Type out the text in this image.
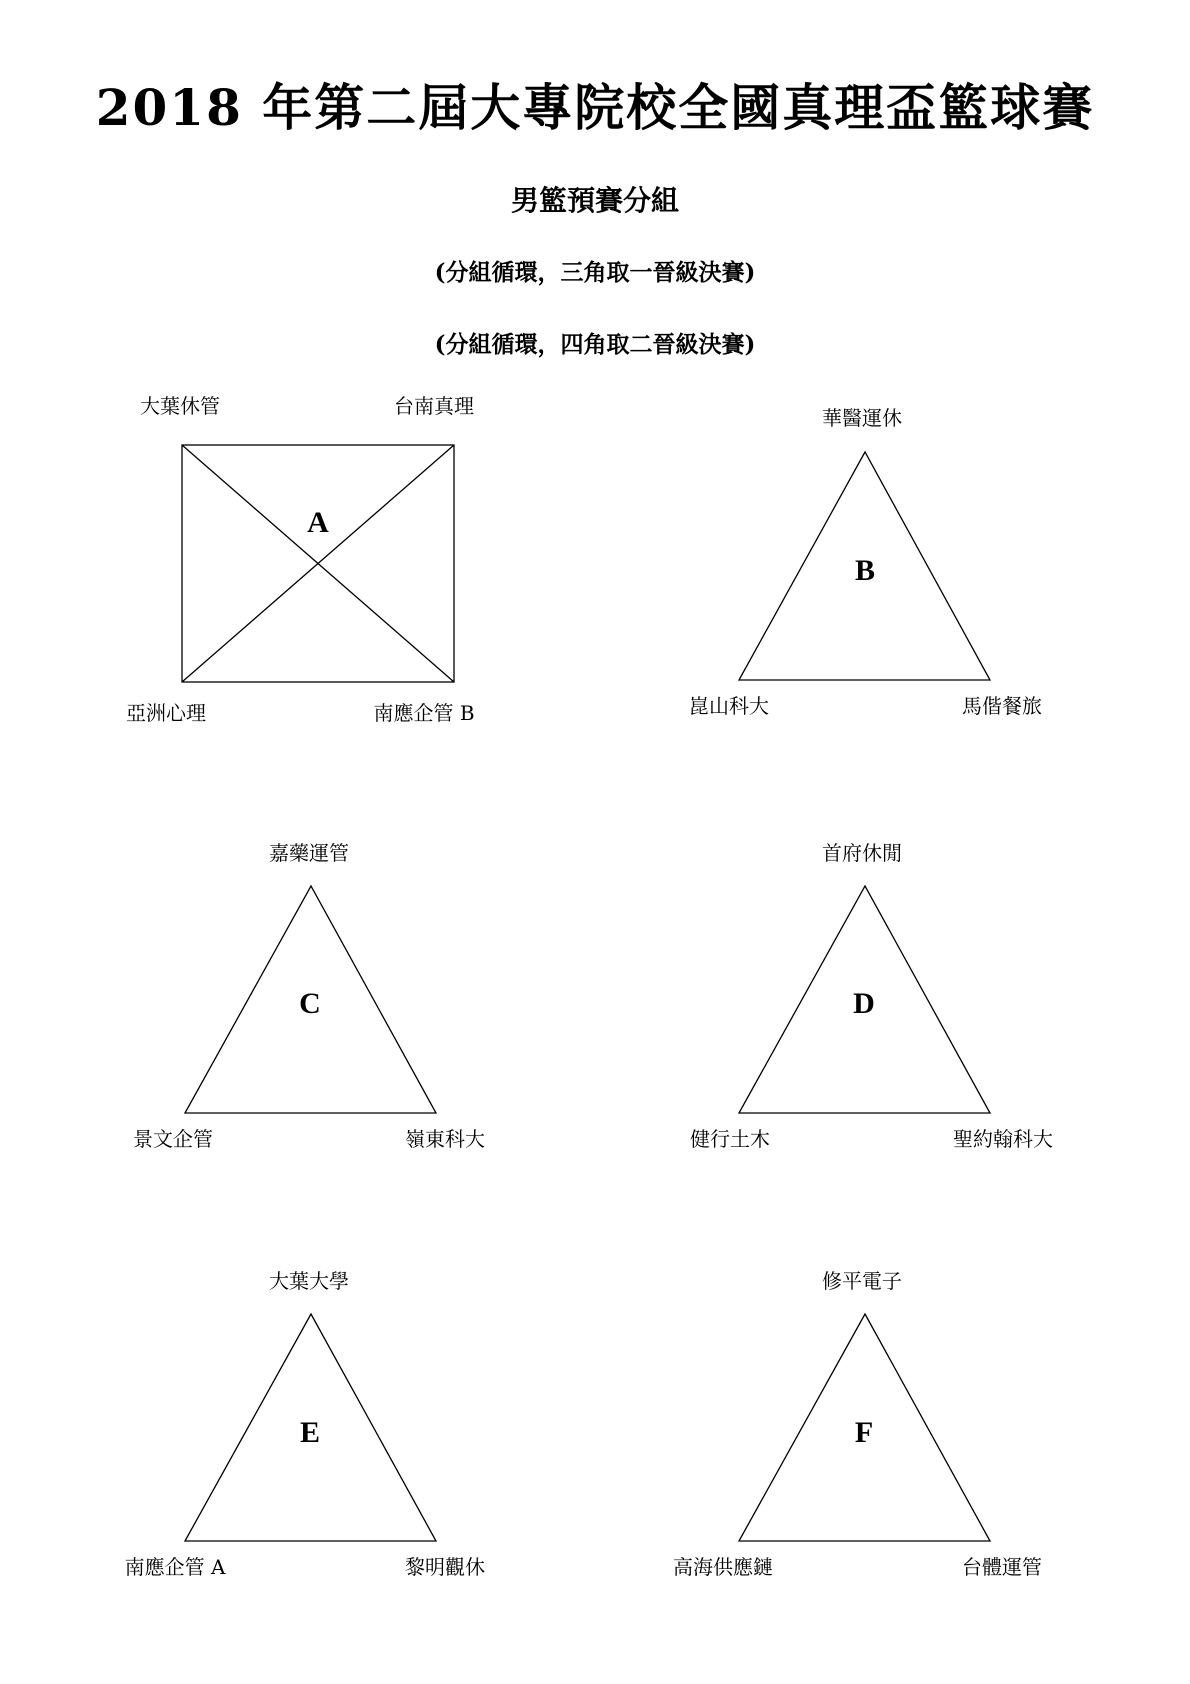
2018 年第二屆大專院校全國真理盃籃球賽
男籃預賽分組
(分組循環，三角取一晉級決賽)
(分組循環，四角取二晉級決賽)
A
大葉休管	台南真理
亞洲心理	南應企管 B
B
華醫運休
崑山科大	馬偕餐旅
C
嘉藥運管
景文企管	嶺東科大
D
首府休閒
健行土木	聖約翰科大
E
大葉大學
南應企管 A	黎明觀休
F
修平電子
高海供應鏈	台體運管
